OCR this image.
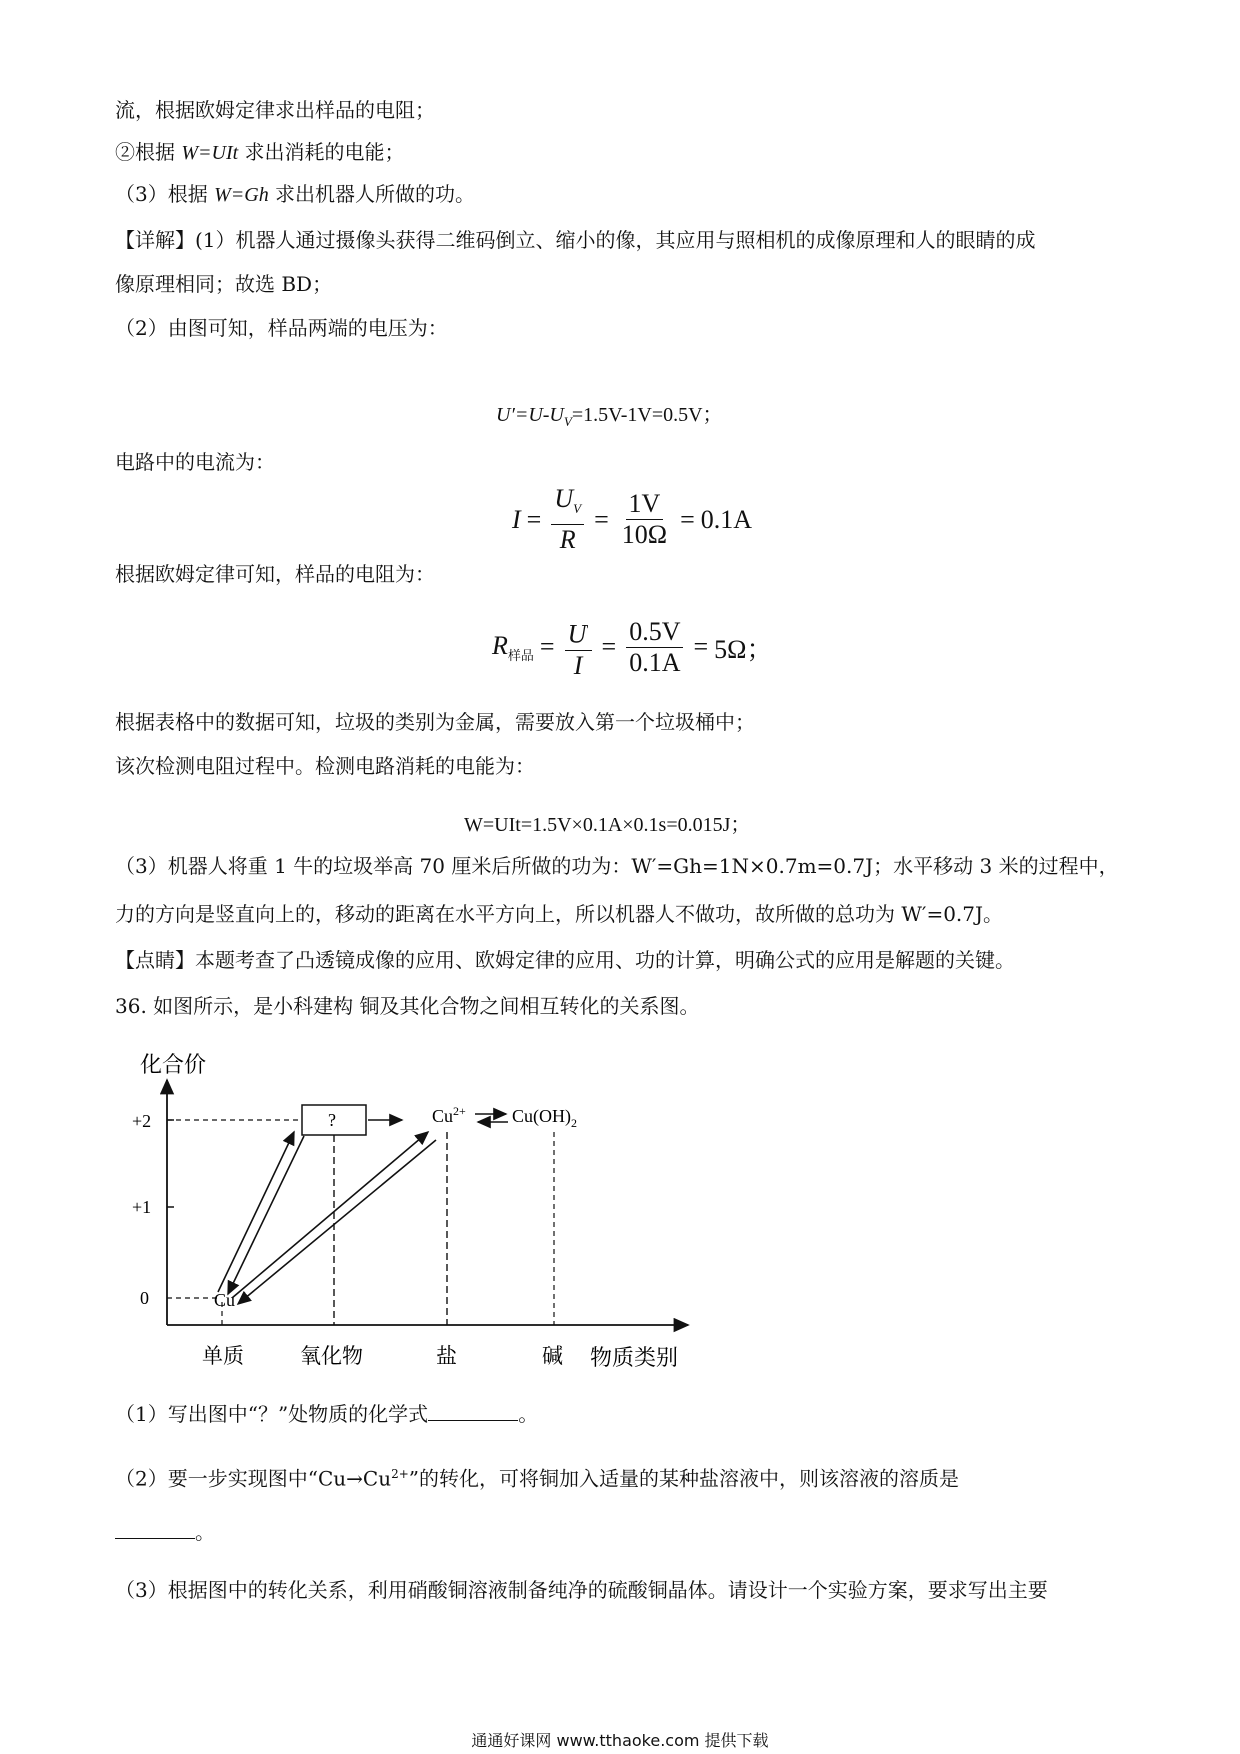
流，根据欧姆定律求出样品的电阻；
②根据 W=UIt 求出消耗的电能；
（3）根据 W=Gh 求出机器人所做的功。
【详解】(1）机器人通过摄像头获得二维码倒立、缩小的像，其应用与照相机的成像原理和人的眼睛的成
像原理相同；故选 BD；
（2）由图可知，样品两端的电压为：
$U'=U-U_V=1.5V-1V=0.5V$；
电路中的电流为：
$I = \frac{U_V}{R} = \frac{1V}{10\Omega} = 0.1A$
根据欧姆定律可知，样品的电阻为：
$R_{样品} = \frac{U'}{I} = \frac{0.5V}{0.1A} = 5\Omega$；
根据表格中的数据可知，垃圾的类别为金属，需要放入第一个垃圾桶中；
该次检测电阻过程中。检测电路消耗的电能为：
W=UIt=1.5V×0.1A×0.1s=0.015J；
（3）机器人将重 1 牛的垃圾举高 70 厘米后所做的功为：W′=Gh=1N×0.7m=0.7J；水平移动 3 米的过程中，
力的方向是竖直向上的，移动的距离在水平方向上，所以机器人不做功，故所做的总功为 W′=0.7J。
【点睛】本题考查了凸透镜成像的应用、欧姆定律的应用、功的计算，明确公式的应用是解题的关键。
36. 如图所示，是小科建构 铜及其化合物之间相互转化的关系图。
化合价
物质类别
+2
+1
0
单质	氧化物	盐	碱
?	$Cu^{2+}$	$Cu(OH)_2$
Cu
（1）写出图中“？”处物质的化学式	。
（2）要一步实现图中“$Cu\to Cu^{2+}$”的转化，可将铜加入适量的某种盐溶液中，则该溶液的溶质是
。
（3）根据图中的转化关系，利用硝酸铜溶液制备纯净的硫酸铜晶体。请设计一个实验方案，要求写出主要
通通好课网 www.tthaoke.com 提供下载
